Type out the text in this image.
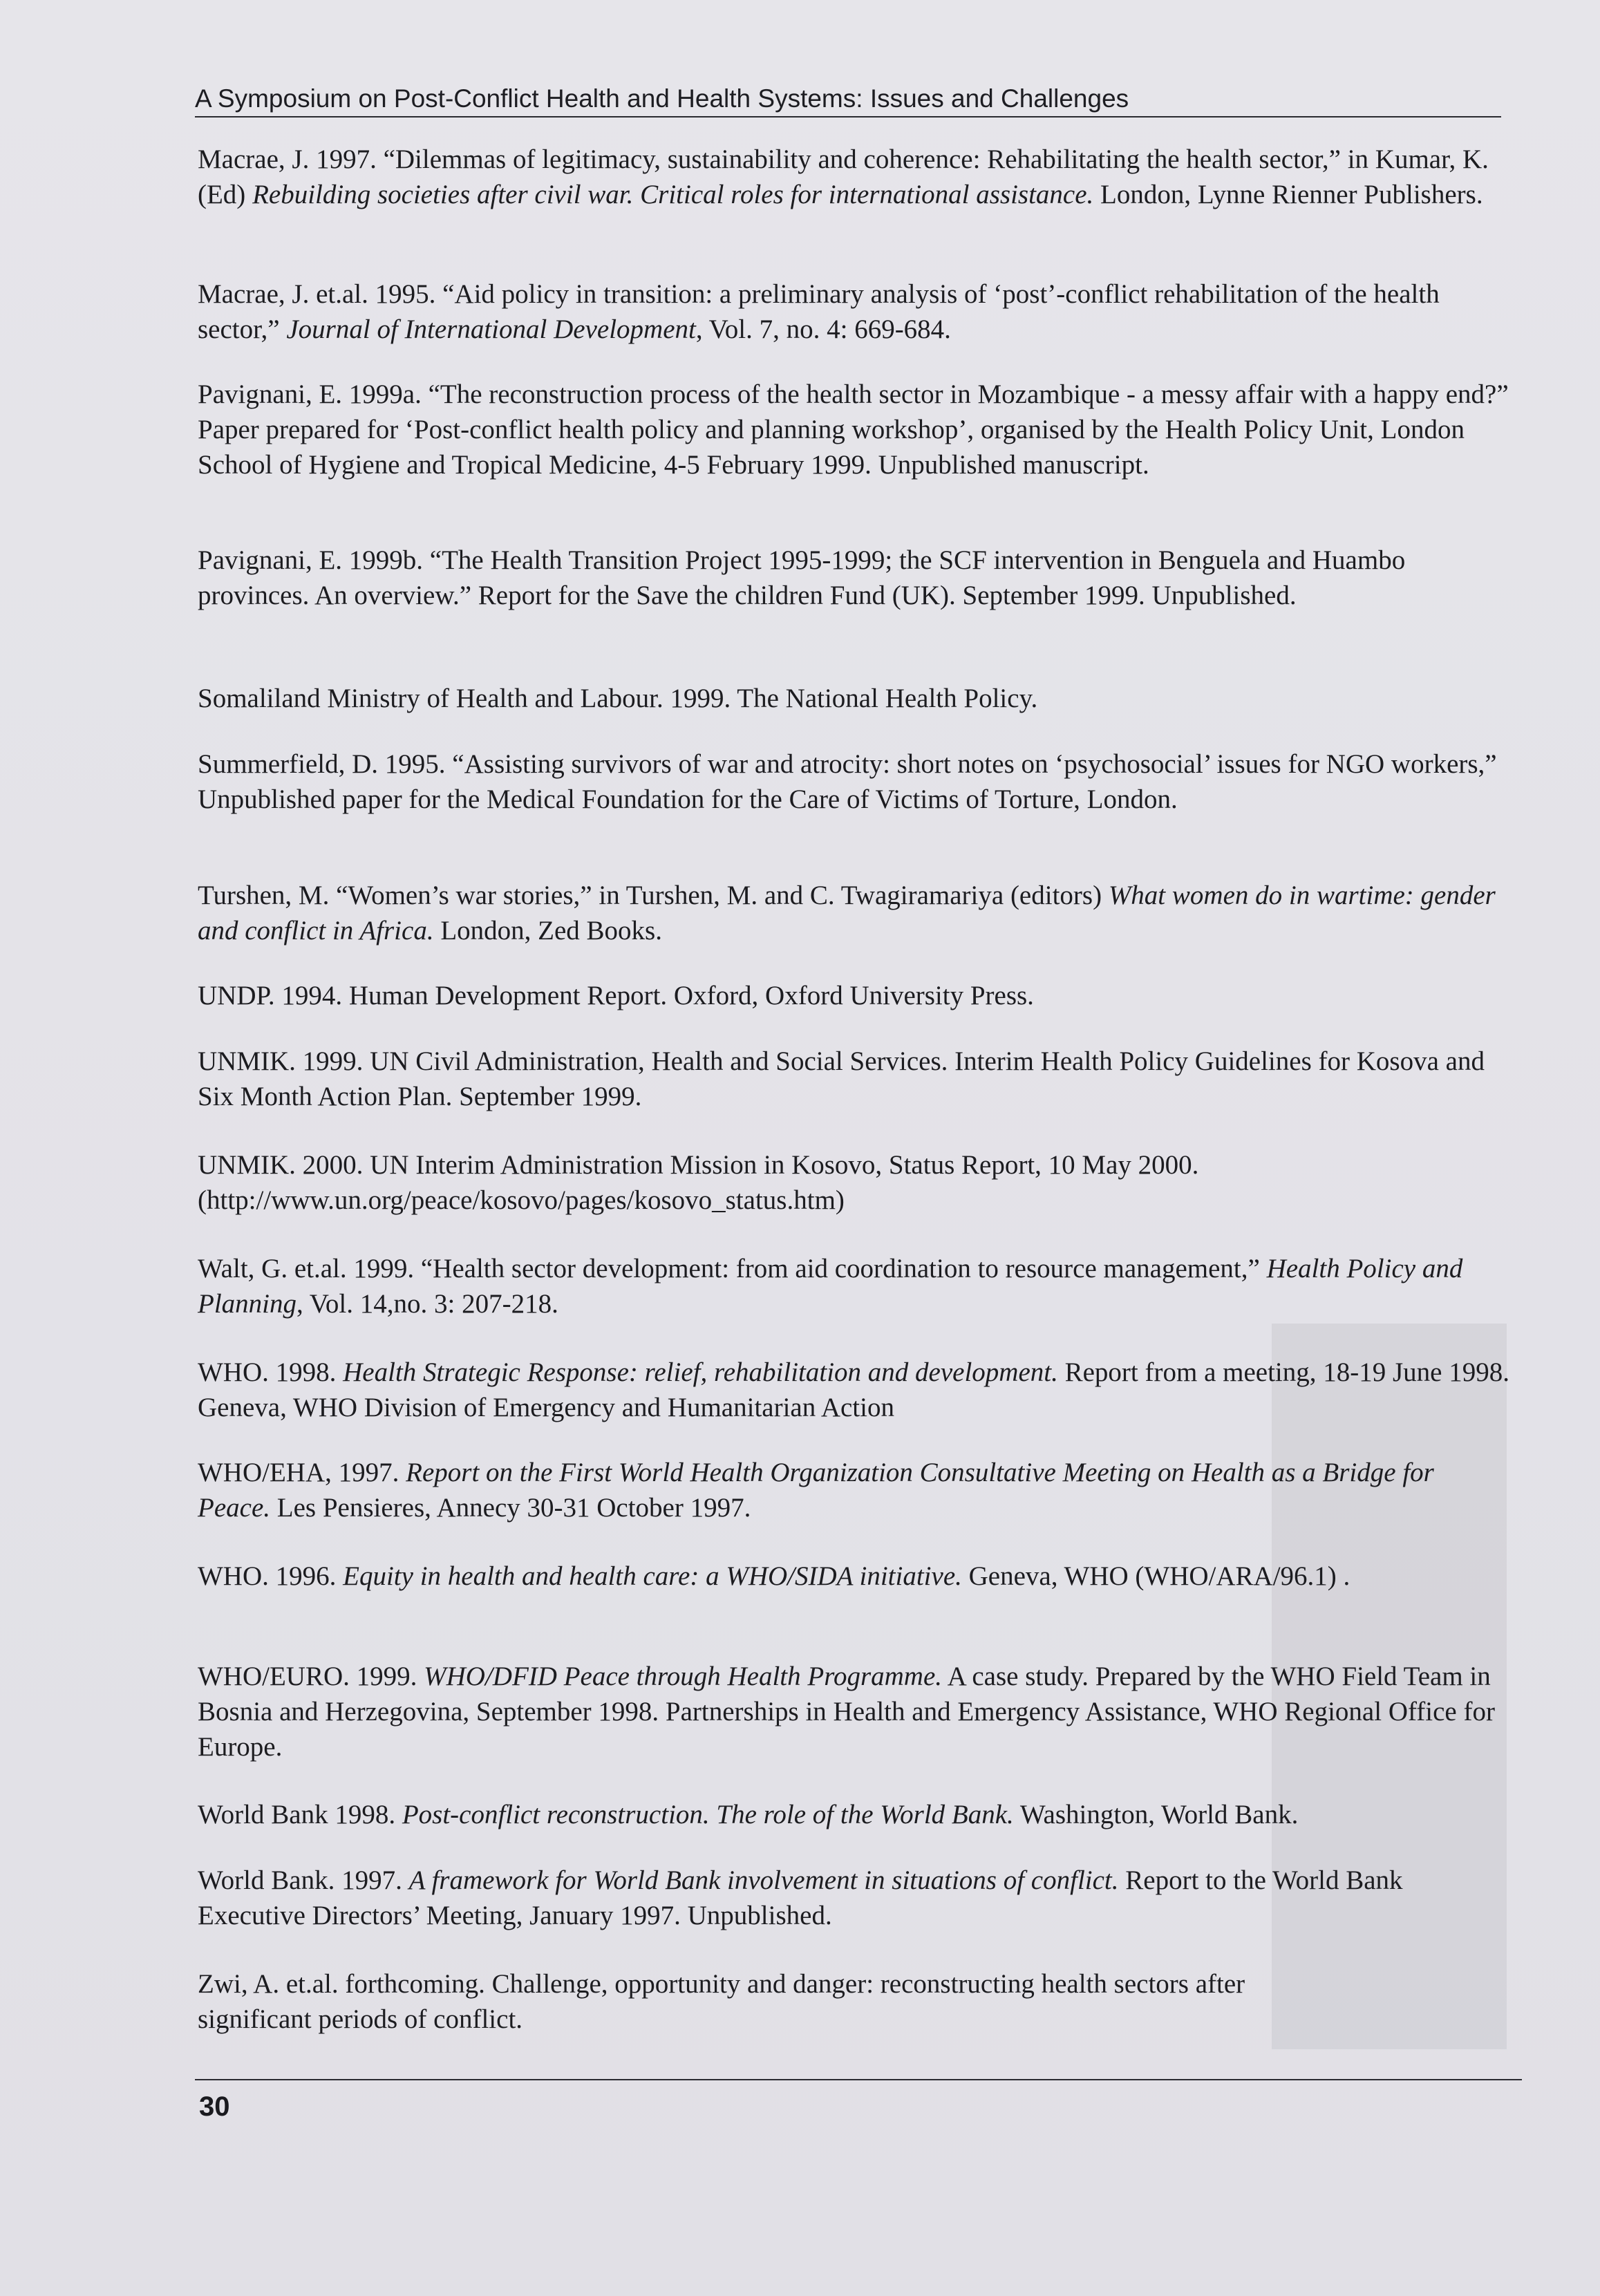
A Symposium on Post-Conflict Health and Health Systems: Issues and Challenges

Macrae, J. 1997. “Dilemmas of legitimacy, sustainability and coherence: Rehabilitating the health sector,” in Kumar, K. (Ed) Rebuilding societies after civil war. Critical roles for international assistance. London, Lynne Rienner Publishers.

Macrae, J. et.al. 1995. “Aid policy in transition: a preliminary analysis of ‘post’-conflict rehabilitation of the health sector,” Journal of International Development, Vol. 7, no. 4: 669-684.

Pavignani, E. 1999a. “The reconstruction process of the health sector in Mozambique - a messy affair with a happy end?” Paper prepared for ‘Post-conflict health policy and planning workshop’, organised by the Health Policy Unit, London School of Hygiene and Tropical Medicine, 4-5 February 1999. Unpublished manuscript.

Pavignani, E. 1999b. “The Health Transition Project 1995-1999; the SCF intervention in Benguela and Huambo provinces. An overview.” Report for the Save the children Fund (UK). September 1999. Unpublished.

Somaliland Ministry of Health and Labour. 1999. The National Health Policy.

Summerfield, D. 1995. “Assisting survivors of war and atrocity: short notes on ‘psychosocial’ issues for NGO workers,” Unpublished paper for the Medical Foundation for the Care of Victims of Torture, London.

Turshen, M. “Women’s war stories,” in Turshen, M. and C. Twagiramariya (editors) What women do in wartime: gender and conflict in Africa. London, Zed Books.

UNDP. 1994. Human Development Report. Oxford, Oxford University Press.

UNMIK. 1999. UN Civil Administration, Health and Social Services. Interim Health Policy Guidelines for Kosova and Six Month Action Plan. September 1999.

UNMIK. 2000. UN Interim Administration Mission in Kosovo, Status Report, 10 May 2000. (http://www.un.org/peace/kosovo/pages/kosovo_status.htm)

Walt, G. et.al. 1999. “Health sector development: from aid coordination to resource management,” Health Policy and Planning, Vol. 14,no. 3: 207-218.

WHO. 1998. Health Strategic Response: relief, rehabilitation and development. Report from a meeting, 18-19 June 1998. Geneva, WHO Division of Emergency and Humanitarian Action

WHO/EHA, 1997. Report on the First World Health Organization Consultative Meeting on Health as a Bridge for Peace. Les Pensieres, Annecy 30-31 October 1997.

WHO. 1996. Equity in health and health care: a WHO/SIDA initiative. Geneva, WHO (WHO/ARA/96.1) .

WHO/EURO. 1999. WHO/DFID Peace through Health Programme. A case study. Prepared by the WHO Field Team in Bosnia and Herzegovina, September 1998. Partnerships in Health and Emergency Assistance, WHO Regional Office for Europe.

World Bank 1998. Post-conflict reconstruction. The role of the World Bank. Washington, World Bank.

World Bank. 1997. A framework for World Bank involvement in situations of conflict. Report to the World Bank Executive Directors’ Meeting, January 1997. Unpublished.

Zwi, A. et.al. forthcoming. Challenge, opportunity and danger: reconstructing health sectors after significant periods of conflict.

30
